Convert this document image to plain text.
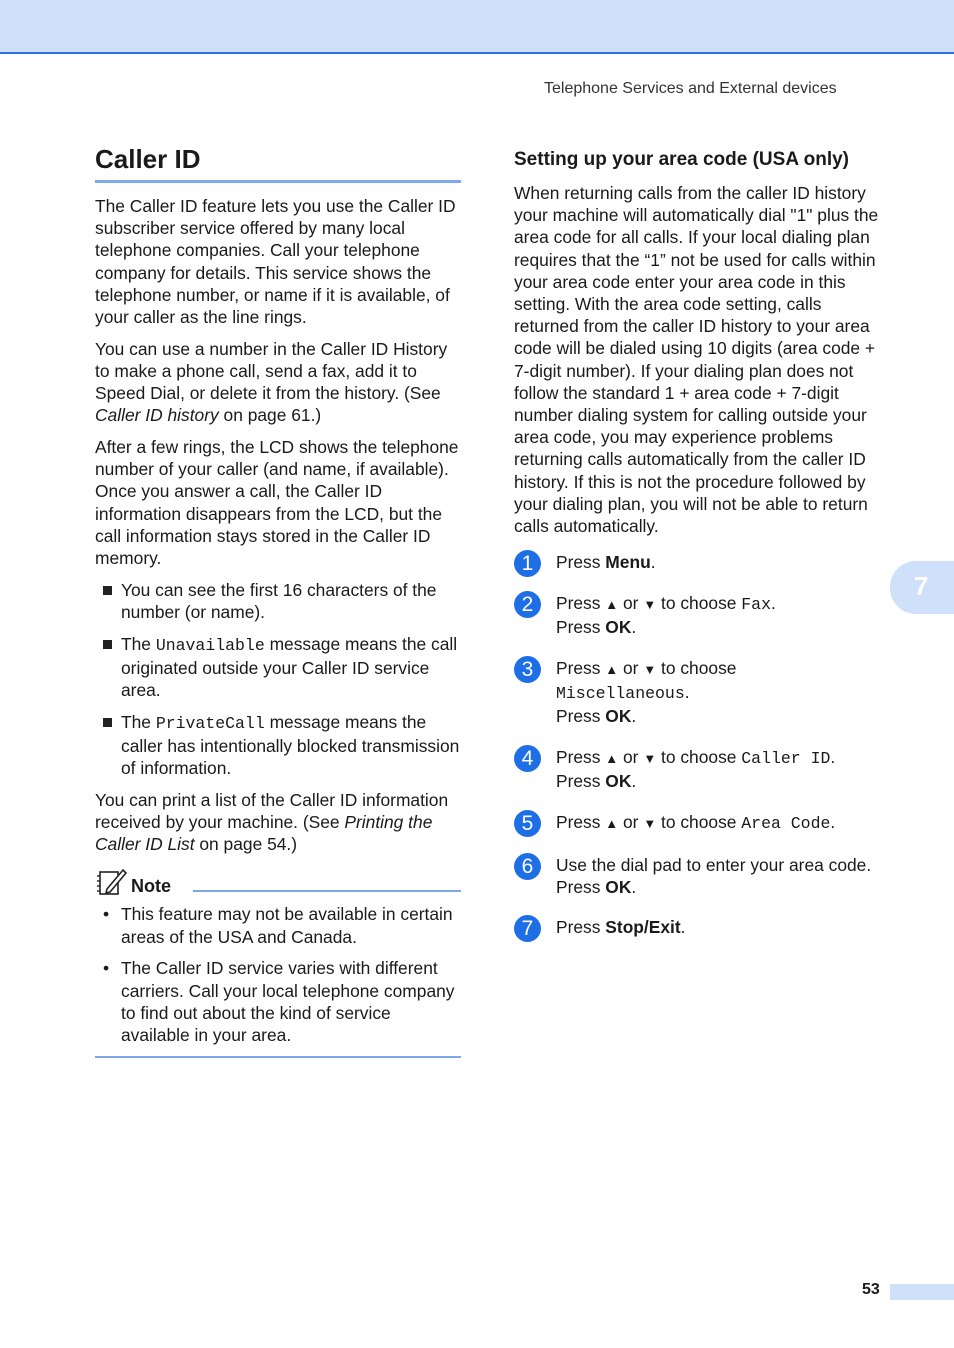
Telephone Services and External devices
7
Caller ID

The Caller ID feature lets you use the Caller ID subscriber service offered by many local telephone companies. Call your telephone company for details. This service shows the telephone number, or name if it is available, of your caller as the line rings.

You can use a number in the Caller ID History to make a phone call, send a fax, add it to Speed Dial, or delete it from the history. (See Caller ID history on page 61.)

After a few rings, the LCD shows the telephone number of your caller (and name, if available). Once you answer a call, the Caller ID information disappears from the LCD, but the call information stays stored in the Caller ID memory.

You can see the first 16 characters of the number (or name).
The Unavailable message means the call originated outside your Caller ID service area.
The PrivateCall message means the caller has intentionally blocked transmission of information.

You can print a list of the Caller ID information received by your machine. (See Printing the Caller ID List on page 54.)

Note
• This feature may not be available in certain areas of the USA and Canada.
• The Caller ID service varies with different carriers. Call your local telephone company to find out about the kind of service available in your area.
Setting up your area code (USA only)

When returning calls from the caller ID history your machine will automatically dial "1" plus the area code for all calls. If your local dialing plan requires that the “1” not be used for calls within your area code enter your area code in this setting. With the area code setting, calls returned from the caller ID history to your area code will be dialed using 10 digits (area code + 7-digit number). If your dialing plan does not follow the standard 1 + area code + 7-digit number dialing system for calling outside your area code, you may experience problems returning calls automatically from the caller ID history. If this is not the procedure followed by your dialing plan, you will not be able to return calls automatically.

1	Press Menu.
2	Press ▲ or ▼ to choose Fax.
Press OK.
3	Press ▲ or ▼ to choose
Miscellaneous.
Press OK.
4	Press ▲ or ▼ to choose Caller ID.
Press OK.
5	Press ▲ or ▼ to choose Area Code.
6	Use the dial pad to enter your area code.
Press OK.
7	Press Stop/Exit.
53
